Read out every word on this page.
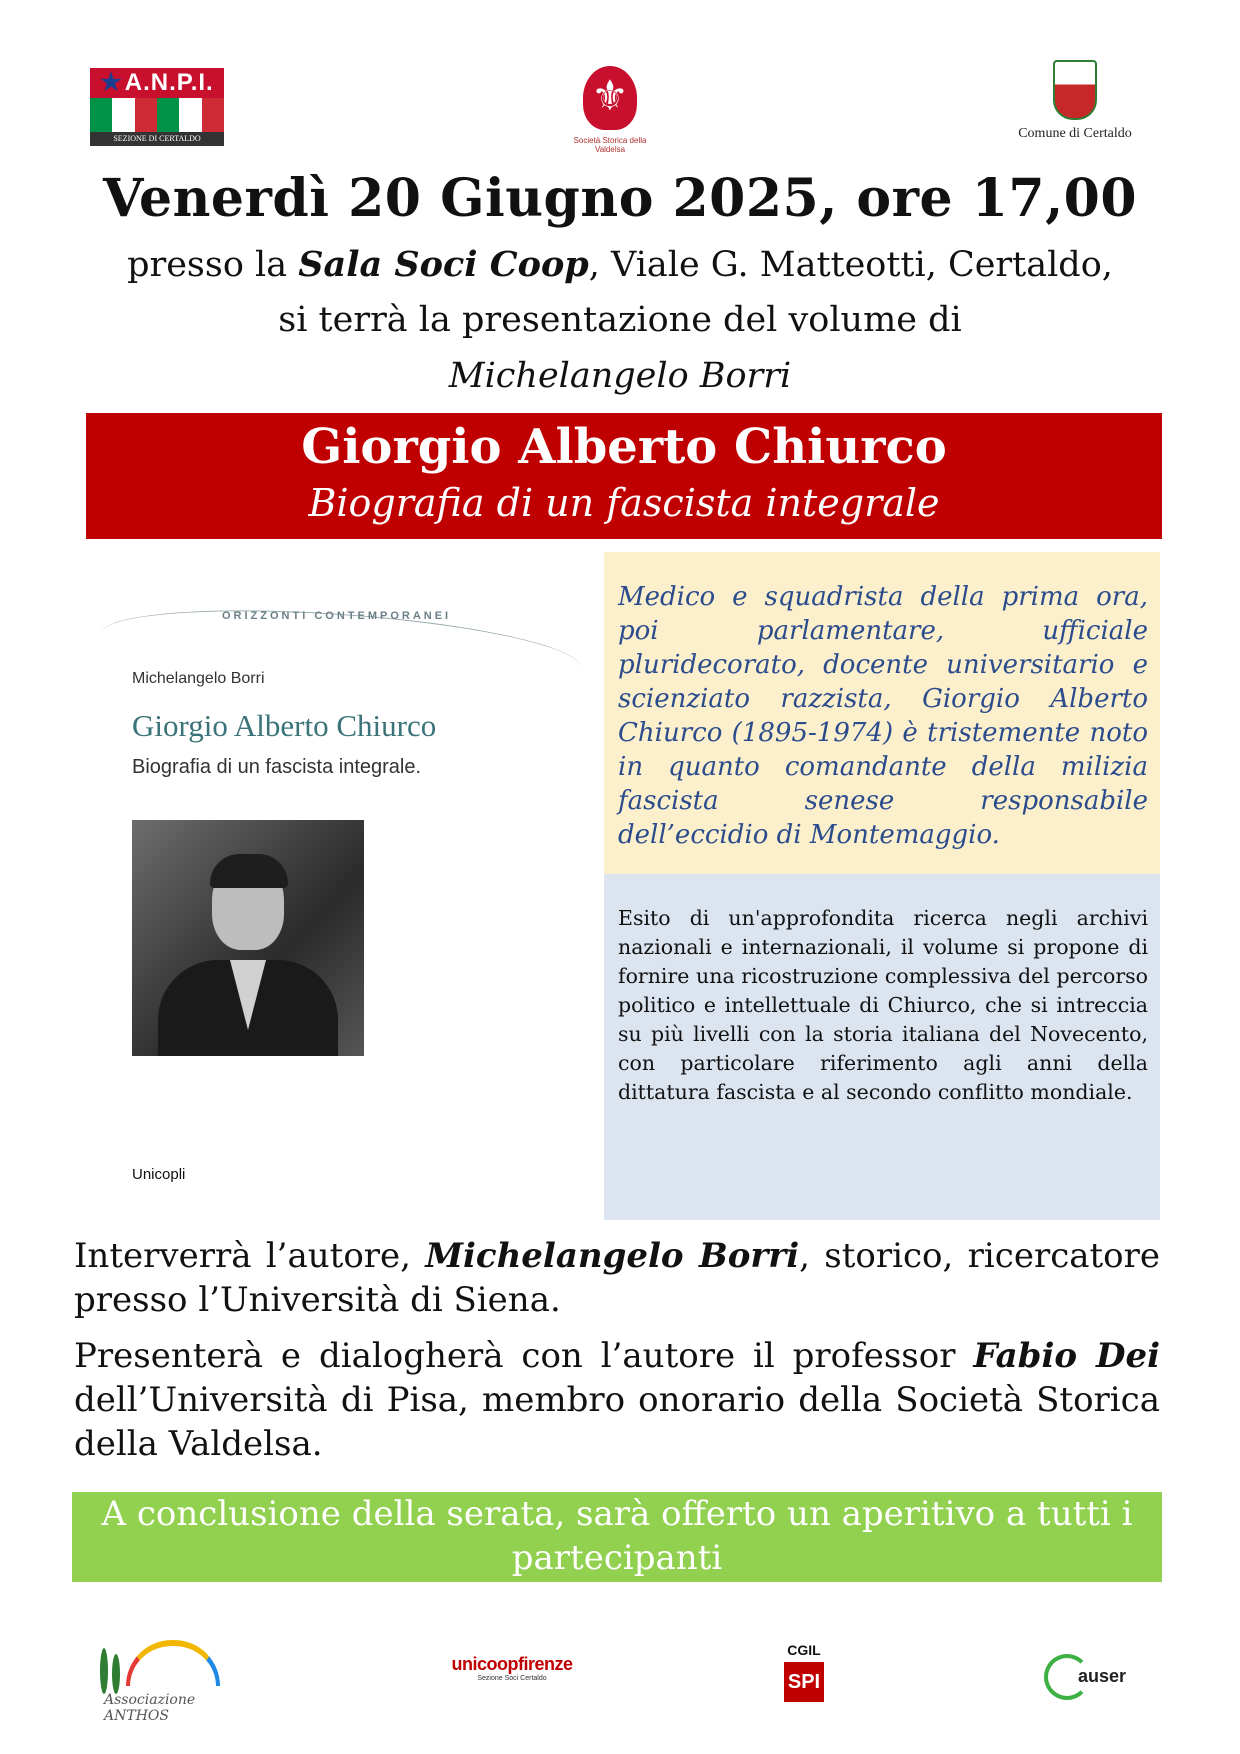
★A.N.P.I.
SEZIONE DI CERTALDO
⚜	Società Storica della Valdelsa
Comune di Certaldo
Venerdì 20 Giugno 2025, ore 17,00
presso la Sala Soci Coop, Viale G. Matteotti, Certaldo,
si terrà la presentazione del volume di
Michelangelo Borri
Giorgio Alberto Chiurco
Biografia di un fascista integrale
ORIZZONTI CONTEMPORANEI
Michelangelo Borri
Giorgio Alberto Chiurco
Biografia di un fascista integrale.
Unicopli

Medico e squadrista della prima ora, poi parlamentare, ufficiale pluridecorato, docente universitario e scienziato razzista, Giorgio Alberto Chiurco (1895-1974) è tristemente noto in quanto comandante della milizia fascista senese responsabile dell’eccidio di Montemaggio.

Esito di un'approfondita ricerca negli archivi nazionali e internazionali, il volume si propone di fornire una ricostruzione complessiva del percorso politico e intellettuale di Chiurco, che si intreccia su più livelli con la storia italiana del Novecento, con particolare riferimento agli anni della dittatura fascista e al secondo conflitto mondiale.

Interverrà l’autore, Michelangelo Borri, storico, ricercatore presso l’Università di Siena.
Presenterà e dialogherà con l’autore il professor Fabio Dei dell’Università di Pisa, membro onorario della Società Storica della Valdelsa.
A conclusione della serata, sarà offerto un aperitivo a tutti i partecipanti
Associazione ANTHOS
unicoopfirenze
Sezione Soci Certaldo
CGIL
SPI	auser
